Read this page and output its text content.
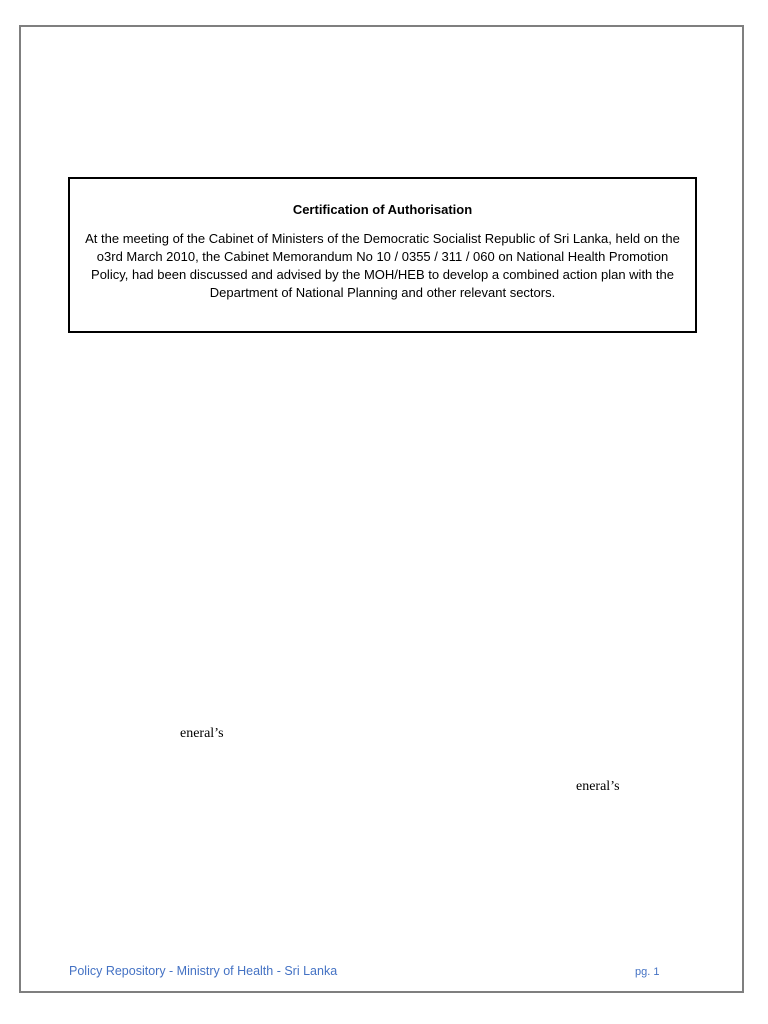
Certification of Authorisation

At the meeting of the Cabinet of Ministers of the Democratic Socialist Republic of Sri Lanka, held on the
o3rd March 2010, the Cabinet Memorandum No 10 / 0355 / 311 / 060 on National Health Promotion
Policy, had been discussed and advised by the MOH/HEB to develop a combined action plan with the
Department of National Planning and other relevant sectors.

eneral’s
eneral’s
Policy Repository - Ministry of Health - Sri Lanka	pg. 1
